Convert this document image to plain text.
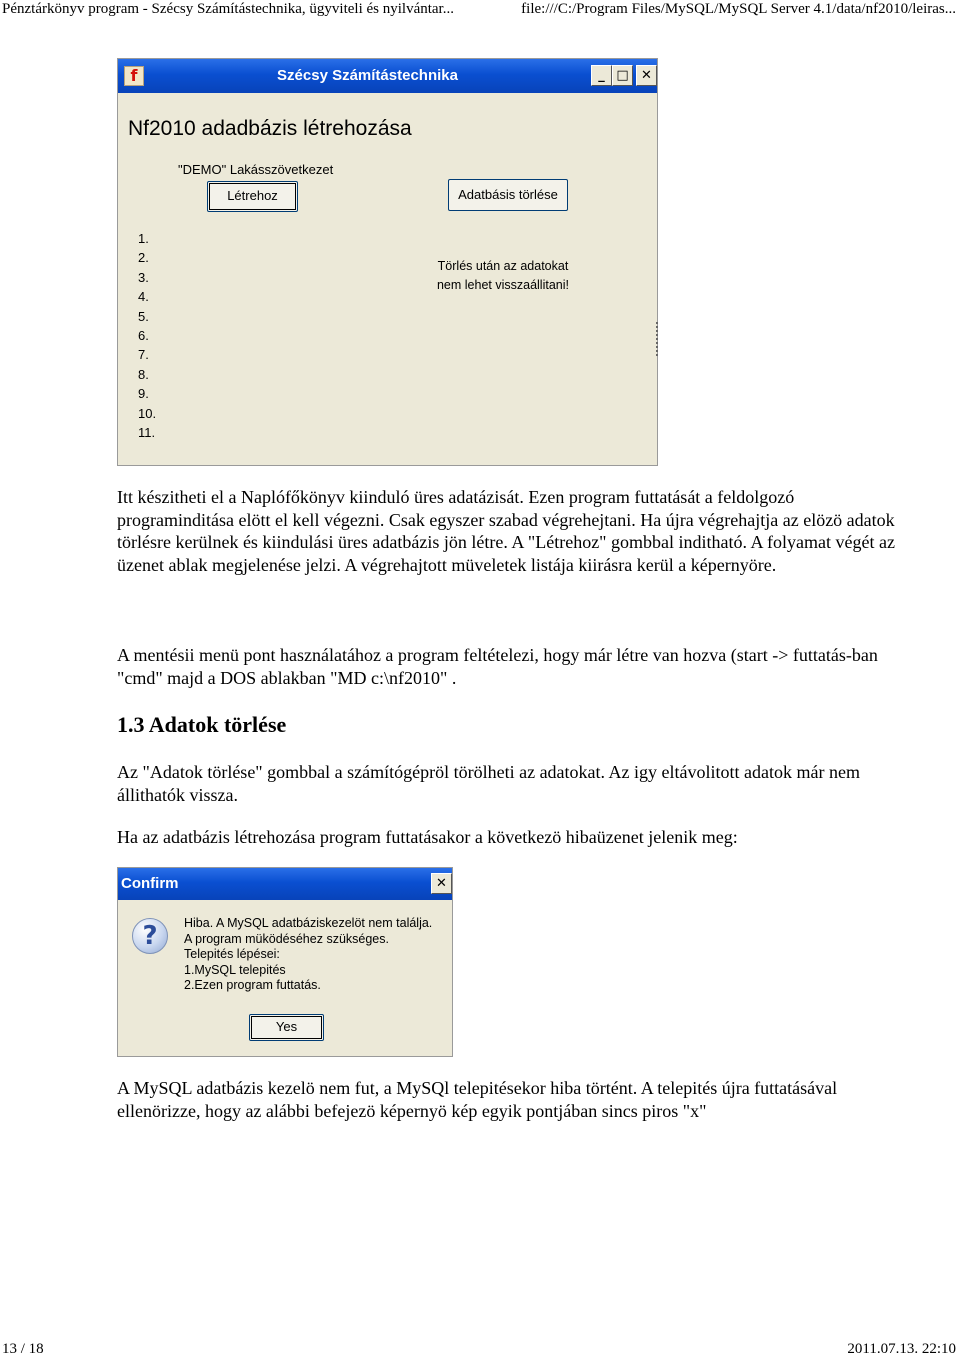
Pénztárkönyv program - Szécsy Számítástechnika, ügyviteli és nyilvántar...	file:///C:/Program Files/MySQL/MySQL Server 4.1/data/nf2010/leiras...
f	Szécsy Számítástechnika	_ □ ✕
Nf2010 adadbázis létrehozása
"DEMO" Lakásszövetkezet
Létrehoz	Adatbásis törlése
1.
2.
3.
4.
5.
6.
7.
8.
9.
10.
11.
Törlés után az adatokat
nem lehet visszaállitani!

Itt készitheti el a Naplófőkönyv kiinduló üres adatázisát. Ezen program futtatását a feldolgozó programinditása elött el kell végezni. Csak egyszer szabad végrehejtani. Ha újra végrehajtja az elözö adatok törlésre kerülnek és kiindulási üres adatbázis jön létre. A "Létrehoz" gombbal inditható. A folyamat végét az üzenet ablak megjelenése jelzi. A végrehajtott müveletek listája kiirásra kerül a képernyöre.

A mentésii menü pont használatához a program feltételezi, hogy már létre van hozva (start -> futtatás-ban "cmd" majd a DOS ablakban "MD c:\nf2010" .

1.3 Adatok törlése

Az "Adatok törlése" gombbal a számítógépröl törölheti az adatokat. Az igy eltávolitott adatok már nem állithatók vissza.

Ha az adatbázis létrehozása program futtatásakor a következö hibaüzenet jelenik meg:

Confirm	✕
?	Hiba. A MySQL adatbáziskezelöt nem találja.
A program müködéséhez szükséges.
Telepités lépései:
1.MySQL telepités
2.Ezen program futtatás.
Yes

A MySQL adatbázis kezelö nem fut, a MySQl telepitésekor hiba történt. A telepités újra futtatásával ellenörizze, hogy az alábbi befejezö képernyö kép egyik pontjában sincs piros "x"

13 / 18	2011.07.13. 22:10
